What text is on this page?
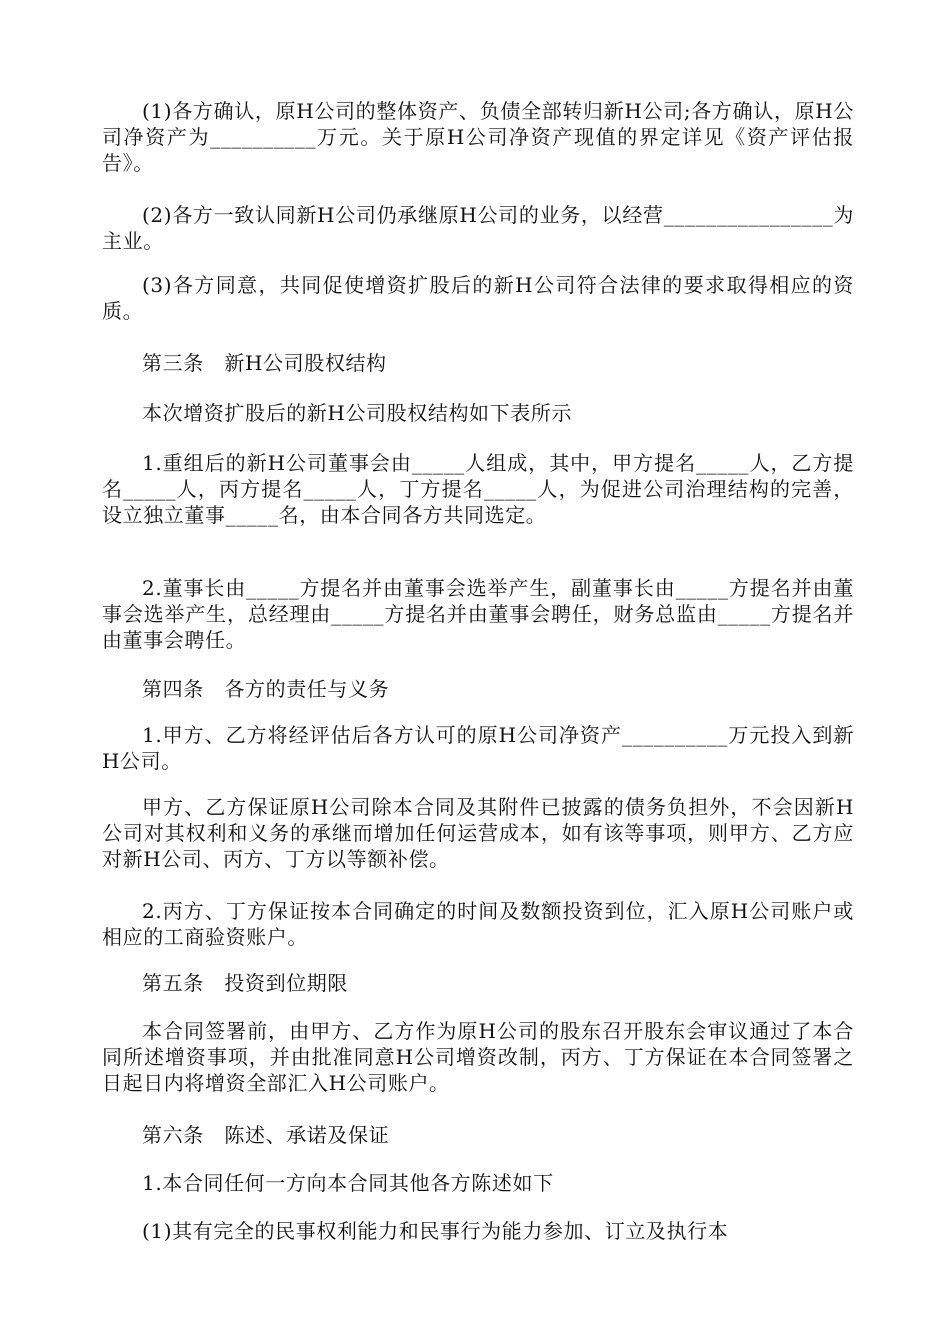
(1)各方确认，原H公司的整体资产、负债全部转归新H公司;各方确认，原H公司净资产为__________万元。关于原H公司净资产现值的界定详见《资产评估报告》。

(2)各方一致认同新H公司仍承继原H公司的业务，以经营________________为主业。

(3)各方同意，共同促使增资扩股后的新H公司符合法律的要求取得相应的资质。

第三条　新H公司股权结构

本次增资扩股后的新H公司股权结构如下表所示

1.重组后的新H公司董事会由_____人组成，其中，甲方提名_____人，乙方提名_____人，丙方提名_____人，丁方提名_____人，为促进公司治理结构的完善，设立独立董事_____名，由本合同各方共同选定。

2.董事长由_____方提名并由董事会选举产生，副董事长由_____方提名并由董事会选举产生，总经理由_____方提名并由董事会聘任，财务总监由_____方提名并由董事会聘任。

第四条　各方的责任与义务

1.甲方、乙方将经评估后各方认可的原H公司净资产__________万元投入到新H公司。

甲方、乙方保证原H公司除本合同及其附件已披露的债务负担外，不会因新H公司对其权利和义务的承继而增加任何运营成本，如有该等事项，则甲方、乙方应对新H公司、丙方、丁方以等额补偿。

2.丙方、丁方保证按本合同确定的时间及数额投资到位，汇入原H公司账户或相应的工商验资账户。

第五条　投资到位期限

本合同签署前，由甲方、乙方作为原H公司的股东召开股东会审议通过了本合同所述增资事项，并由批准同意H公司增资改制，丙方、丁方保证在本合同签署之日起日内将增资全部汇入H公司账户。

第六条　陈述、承诺及保证

1.本合同任何一方向本合同其他各方陈述如下

(1)其有完全的民事权利能力和民事行为能力参加、订立及执行本
